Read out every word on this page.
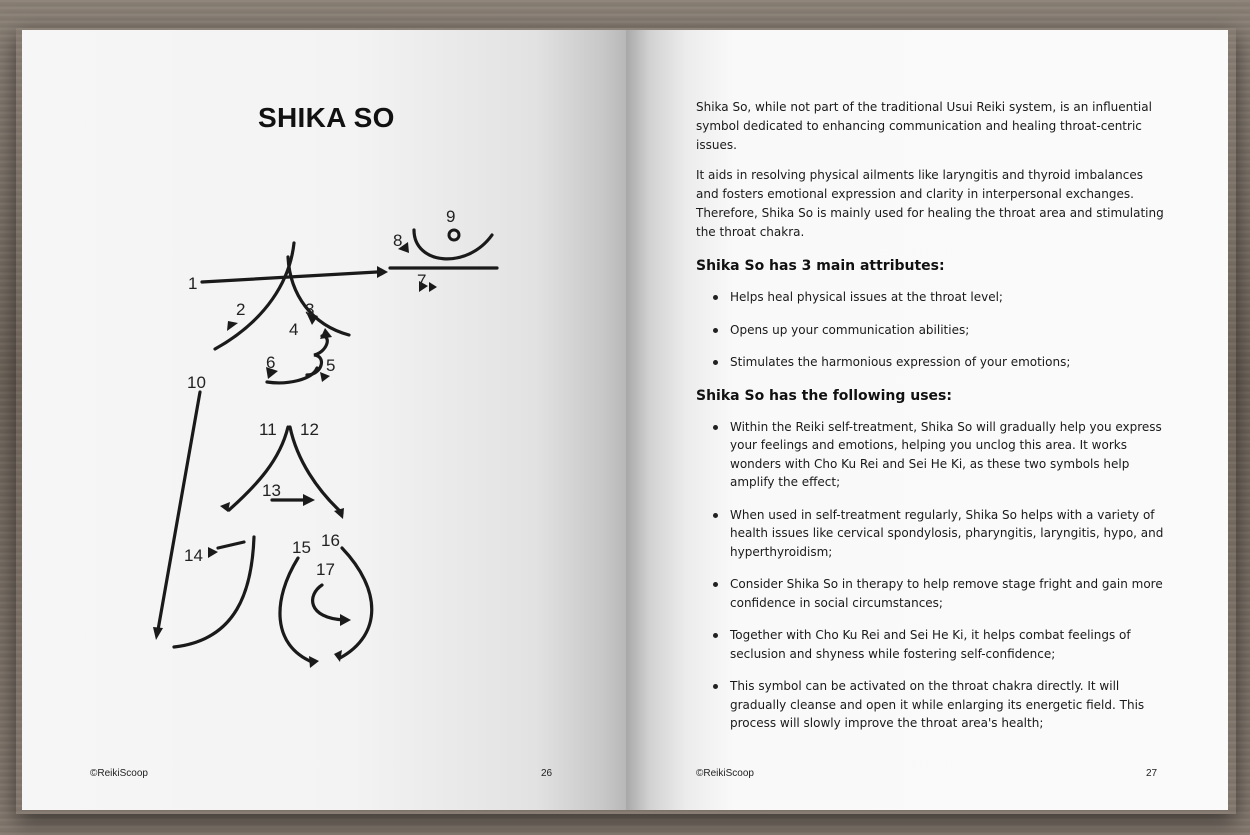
SHIKA SO
1
2	3
4
5
6
7
8
9
10
11 12
13
14	15 16
17
©ReikiScoop	26

Shika So, while not part of the traditional Usui Reiki system, is an influential symbol dedicated to enhancing communication and healing throat-centric issues.

It aids in resolving physical ailments like laryngitis and thyroid imbalances and fosters emotional expression and clarity in interpersonal exchanges. Therefore, Shika So is mainly used for healing the throat area and stimulating the throat chakra.

Shika So has 3 main attributes:
Helps heal physical issues at the throat level;
Opens up your communication abilities;
Stimulates the harmonious expression of your emotions;
Shika So has the following uses:
Within the Reiki self-treatment, Shika So will gradually help you express your feelings and emotions, helping you unclog this area. It works wonders with Cho Ku Rei and Sei He Ki, as these two symbols help amplify the effect;
When used in self-treatment regularly, Shika So helps with a variety of health issues like cervical spondylosis, pharyngitis, laryngitis, hypo, and hyperthyroidism;
Consider Shika So in therapy to help remove stage fright and gain more confidence in social circumstances;
Together with Cho Ku Rei and Sei He Ki, it helps combat feelings of seclusion and shyness while fostering self-confidence;
This symbol can be activated on the throat chakra directly. It will gradually cleanse and open it while enlarging its energetic field. This process will slowly improve the throat area's health;
©ReikiScoop	27
